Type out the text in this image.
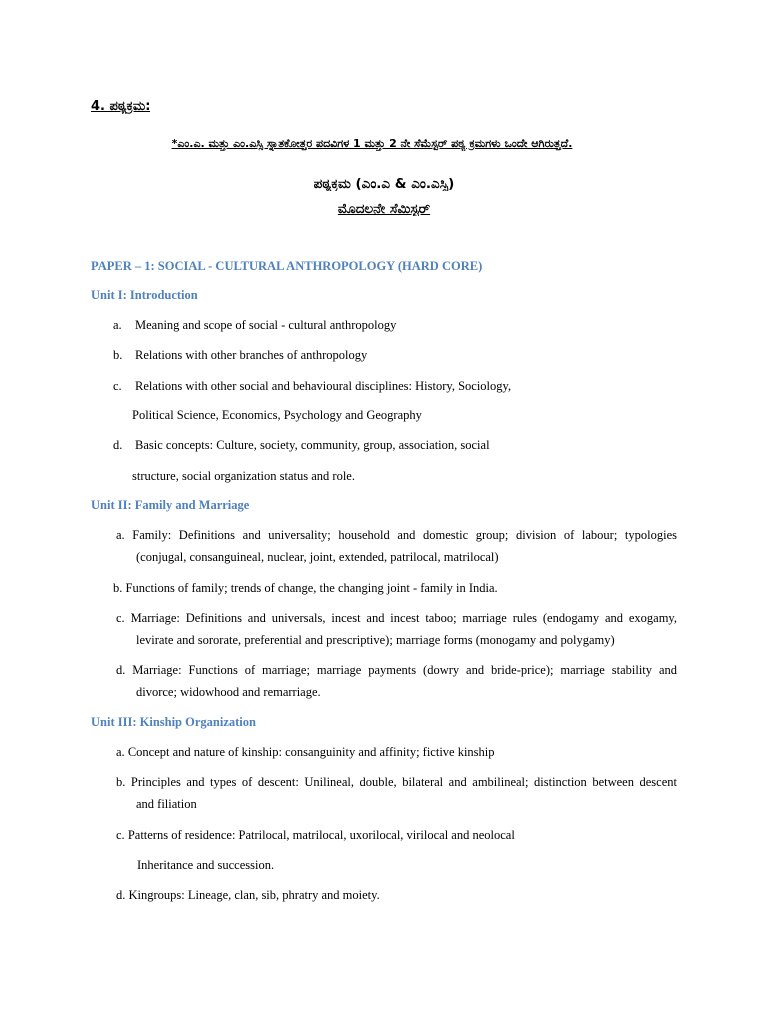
4. ಪಠ್ಯಕ್ರಮ:
*ಎಂ.ಎ. ಮತ್ತು ಎಂ.ಎಸ್ಸಿ ಸ್ನಾತಕೋತ್ತರ ಪದವಿಗಳ 1 ಮತ್ತು 2 ನೇ ಸೆಮೆಸ್ಟರ್ ಪಠ್ಯ ಕ್ರಮಗಳು ಒಂದೇ ಆಗಿರುತ್ತದೆ.
ಪಠ್ಯಕ್ರಮ (ಎಂ.ಎ & ಎಂ.ಎಸ್ಸಿ)
ಮೊದಲನೇ ಸೆಮಿಸ್ಟರ್
PAPER – 1: SOCIAL - CULTURAL ANTHROPOLOGY (HARD CORE)
Unit I: Introduction
a. Meaning and scope of social - cultural anthropology
b. Relations with other branches of anthropology
c. Relations with other social and behavioural disciplines: History, Sociology,
Political Science, Economics, Psychology and Geography
d. Basic concepts: Culture, society, community, group, association, social
structure, social organization status and role.
Unit II: Family and Marriage
a. Family: Definitions and universality; household and domestic group; division of labour; typologies
(conjugal, consanguineal, nuclear, joint, extended, patrilocal, matrilocal)
b. Functions of family; trends of change, the changing joint - family in India.
c. Marriage: Definitions and universals, incest and incest taboo; marriage rules (endogamy and exogamy,
levirate and sororate, preferential and prescriptive); marriage forms (monogamy and polygamy)
d. Marriage: Functions of marriage; marriage payments (dowry and bride-price); marriage stability and
divorce; widowhood and remarriage.
Unit III: Kinship Organization
a. Concept and nature of kinship: consanguinity and affinity; fictive kinship
b. Principles and types of descent: Unilineal, double, bilateral and ambilineal; distinction between descent
and filiation
c. Patterns of residence: Patrilocal, matrilocal, uxorilocal, virilocal and neolocal
Inheritance and succession.
d. Kingroups: Lineage, clan, sib, phratry and moiety.
